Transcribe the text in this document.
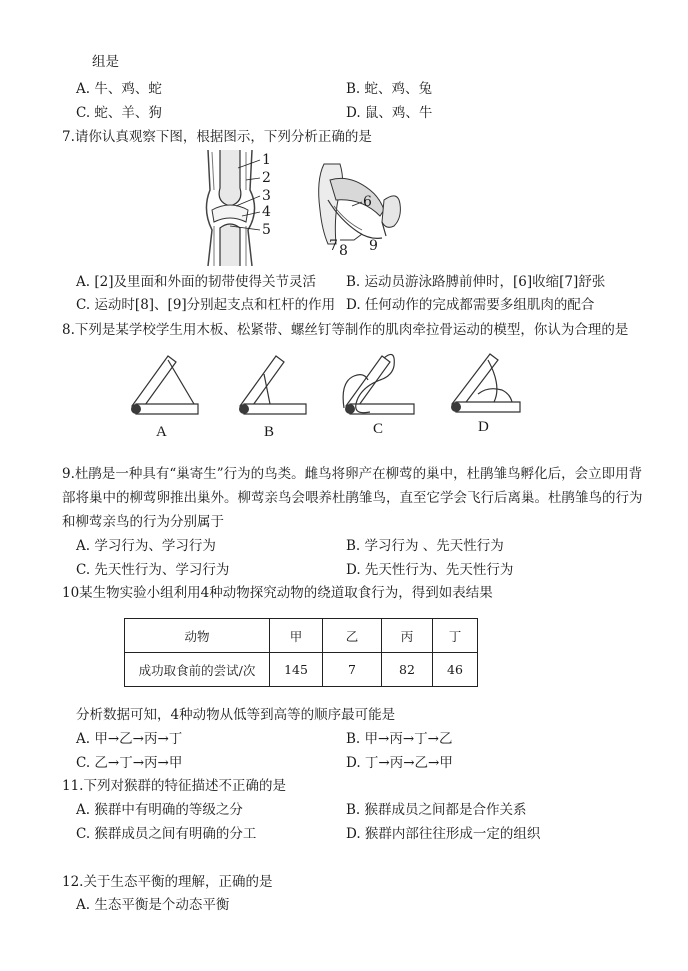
组是
A. 牛、鸡、蛇	B. 蛇、鸡、兔
C. 蛇、羊、狗	D. 鼠、鸡、牛
7.请你认真观察下图，根据图示，下列分析正确的是
1
2
3
4
5
6
7 8 9
A. [2]及里面和外面的韧带使得关节灵活 B. 运动员游泳路膊前伸时，[6]收缩[7]舒张
C. 运动时[8]、[9]分别起支点和杠杆的作用 D. 任何动作的完成都需要多组肌肉的配合
8.下列是某学校学生用木板、松紧带、螺丝钉等制作的肌肉牵拉骨运动的模型，你认为合理的是
A	B	C	D
9.杜鹃是一种具有“巢寄生”行为的鸟类。雌鸟将卵产在柳莺的巢中，杜鹃雏鸟孵化后，会立即用背
部将巢中的柳莺卵推出巢外。柳莺亲鸟会喂养杜鹃雏鸟，直至它学会飞行后离巢。杜鹃雏鸟的行为
和柳莺亲鸟的行为分别属于
A. 学习行为、学习行为	B. 学习行为 、先天性行为
C. 先天性行为、学习行为	D. 先天性行为、先天性行为
10某生物实验小组利用4种动物探究动物的绕道取食行为，得到如表结果
动物	甲	乙	丙	丁
成功取食前的尝试/次	145	7	82	46
分析数据可知，4种动物从低等到高等的顺序最可能是
A. 甲→乙→丙→丁	B. 甲→丙→丁→乙
C. 乙→丁→丙→甲	D. 丁→丙→乙→甲
11.下列对猴群的特征描述不正确的是
A. 猴群中有明确的等级之分	B. 猴群成员之间都是合作关系
C. 猴群成员之间有明确的分工	D. 猴群内部往往形成一定的组织
12.关于生态平衡的理解，正确的是
A. 生态平衡是个动态平衡
